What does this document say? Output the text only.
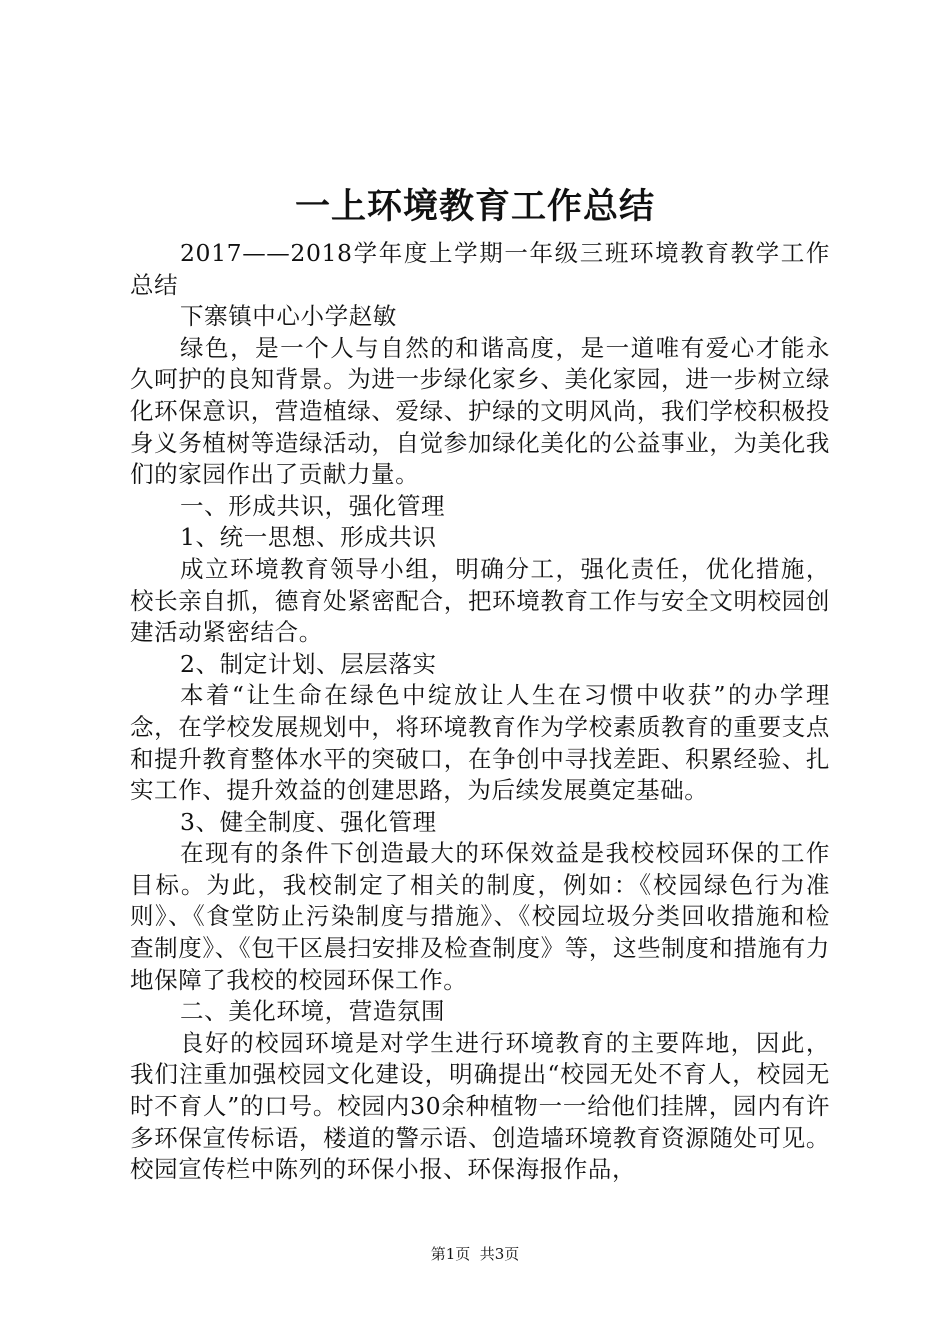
一上环境教育工作总结

2017——2018学年度上学期一年级三班环境教育教学工作总结

下寨镇中心小学赵敏

绿色，是一个人与自然的和谐高度，是一道唯有爱心才能永久呵护的良知背景。为进一步绿化家乡、美化家园，进一步树立绿化环保意识，营造植绿、爱绿、护绿的文明风尚，我们学校积极投身义务植树等造绿活动，自觉参加绿化美化的公益事业，为美化我们的家园作出了贡献力量。

一、形成共识，强化管理

1、统一思想、形成共识

成立环境教育领导小组，明确分工，强化责任，优化措施，校长亲自抓，德育处紧密配合，把环境教育工作与安全文明校园创建活动紧密结合。

2、制定计划、层层落实

本着“让生命在绿色中绽放让人生在习惯中收获”的办学理念，在学校发展规划中，将环境教育作为学校素质教育的重要支点和提升教育整体水平的突破口，在争创中寻找差距、积累经验、扎实工作、提升效益的创建思路，为后续发展奠定基础。

3、健全制度、强化管理

在现有的条件下创造最大的环保效益是我校校园环保的工作目标。为此，我校制定了相关的制度，例如：《校园绿色行为准则》、《食堂防止污染制度与措施》、《校园垃圾分类回收措施和检查制度》、《包干区晨扫安排及检查制度》等，这些制度和措施有力地保障了我校的校园环保工作。

二、美化环境，营造氛围

良好的校园环境是对学生进行环境教育的主要阵地，因此，我们注重加强校园文化建设，明确提出“校园无处不育人，校园无时不育人”的口号。校园内30余种植物一一给他们挂牌，园内有许多环保宣传标语，楼道的警示语、创造墙环境教育资源随处可见。校园宣传栏中陈列的环保小报、环保海报作品，

第1页  共3页
